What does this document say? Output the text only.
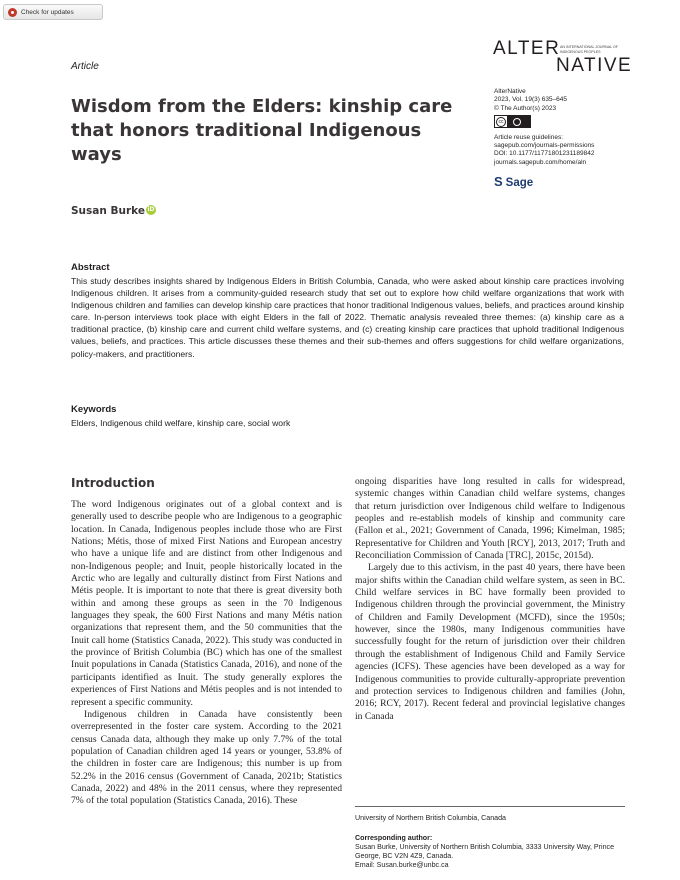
Check for updates
ALTER AN INTERNATIONAL JOURNAL OF INDIGENOUS PEOPLES
NATIVE
Article
Wisdom from the Elders: kinship care that honors traditional Indigenous ways
AlterNative
2023, Vol. 19(3) 635–645
© The Author(s) 2023
cc
Article reuse guidelines:
sagepub.com/journals-permissions
DOI: 10.1177/11771801231189842
journals.sagepub.com/home/aln
S Sage
Susan Burke iD
Abstract
This study describes insights shared by Indigenous Elders in British Columbia, Canada, who were asked about kinship care practices involving Indigenous children. It arises from a community-guided research study that set out to explore how child welfare organizations that work with Indigenous children and families can develop kinship care practices that honor traditional Indigenous values, beliefs, and practices around kinship care. In-person interviews took place with eight Elders in the fall of 2022. Thematic analysis revealed three themes: (a) kinship care as a traditional practice, (b) kinship care and current child welfare systems, and (c) creating kinship care practices that uphold traditional Indigenous values, beliefs, and practices. This article discusses these themes and their sub-themes and offers suggestions for child welfare organizations, policy-makers, and practitioners.
Keywords
Elders, Indigenous child welfare, kinship care, social work
Introduction

The word Indigenous originates out of a global context and is generally used to describe people who are Indigenous to a geographic location. In Canada, Indigenous peoples include those who are First Nations; Métis, those of mixed First Nations and European ancestry who have a unique life and are distinct from other Indigenous and non-Indigenous people; and Inuit, people historically located in the Arctic who are legally and culturally distinct from First Nations and Métis people. It is important to note that there is great diversity both within and among these groups as seen in the 70 Indigenous languages they speak, the 600 First Nations and many Métis nation organizations that represent them, and the 50 communities that the Inuit call home (Statistics Canada, 2022). This study was conducted in the province of British Columbia (BC) which has one of the smallest Inuit populations in Canada (Statistics Canada, 2016), and none of the participants identified as Inuit. The study generally explores the experiences of First Nations and Métis peoples and is not intended to represent a specific community.

Indigenous children in Canada have consistently been overrepresented in the foster care system. According to the 2021 census Canada data, although they make up only 7.7% of the total population of Canadian children aged 14 years or younger, 53.8% of the children in foster care are Indigenous; this number is up from 52.2% in the 2016 census (Government of Canada, 2021b; Statistics Canada, 2022) and 48% in the 2011 census, where they represented 7% of the total population (Statistics Canada, 2016). These

ongoing disparities have long resulted in calls for widespread, systemic changes within Canadian child welfare systems, changes that return jurisdiction over Indigenous child welfare to Indigenous peoples and re-establish models of kinship and community care (Fallon et al., 2021; Government of Canada, 1996; Kimelman, 1985; Representative for Children and Youth [RCY], 2013, 2017; Truth and Reconciliation Commission of Canada [TRC], 2015c, 2015d).

Largely due to this activism, in the past 40 years, there have been major shifts within the Canadian child welfare system, as seen in BC. Child welfare services in BC have formally been provided to Indigenous children through the provincial government, the Ministry of Children and Family Development (MCFD), since the 1950s; however, since the 1980s, many Indigenous communities have successfully fought for the return of jurisdiction over their children through the establishment of Indigenous Child and Family Service agencies (ICFS). These agencies have been developed as a way for Indigenous communities to provide culturally-appropriate prevention and protection services to Indigenous children and families (John, 2016; RCY, 2017). Recent federal and provincial legislative changes in Canada

University of Northern British Columbia, Canada
Corresponding author:
Susan Burke, University of Northern British Columbia, 3333 University Way, Prince George, BC V2N 4Z9, Canada.
Email: Susan.burke@unbc.ca
